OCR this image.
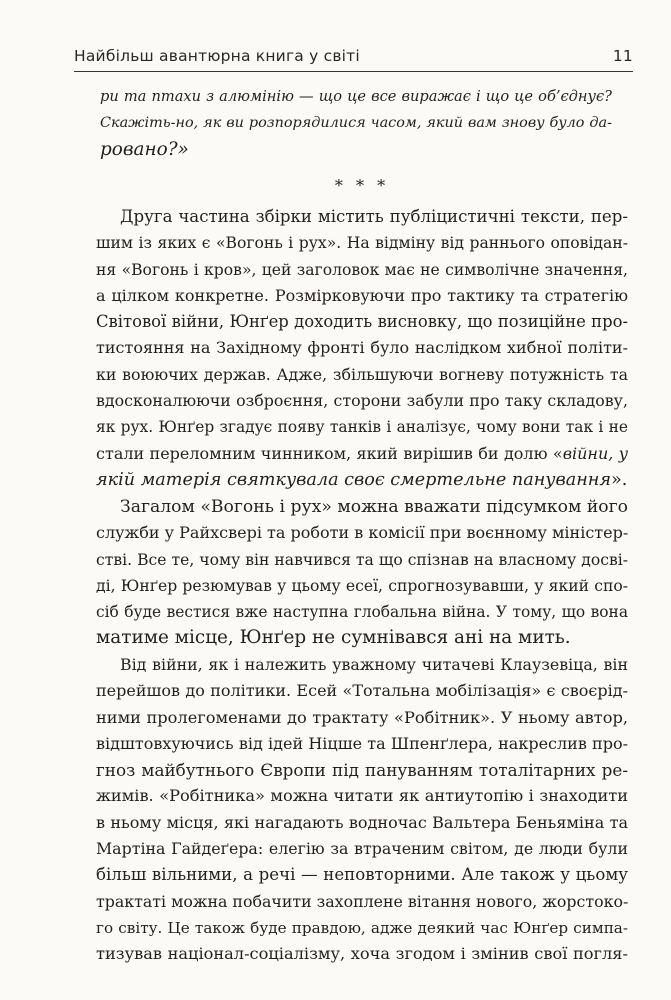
Найбільш авантюрна книга у світі	11
ри та птахи з алюмінію — що це все виражає і що це об’єднує?
Скажіть-но, як ви розпорядилися часом, який вам знову було да-
ровано?»
* * *
Друга частина збірки містить публіцистичні тексти, пер-
шим із яких є «Вогонь і рух». На відміну від раннього оповідан-
ня «Вогонь і кров», цей заголовок має не символічне значення,
а цілком конкретне. Розмірковуючи про тактику та стратегію
Світової війни, Юнґер доходить висновку, що позиційне про-
тистояння на Західному фронті було наслідком хибної політи-
ки воюючих держав. Адже, збільшуючи вогневу потужність та
вдосконалюючи озброєння, сторони забули про таку складову,
як рух. Юнґер згадує появу танків і аналізує, чому вони так і не
стали переломним чинником, який вирішив би долю «війни, у
якій матерія святкувала своє смертельне панування».
Загалом «Вогонь і рух» можна вважати підсумком його
служби у Райхсвері та роботи в комісії при воєнному міністер-
стві. Все те, чому він навчився та що спізнав на власному досві-
ді, Юнґер резюмував у цьому есеї, спрогнозувавши, у який спо-
сіб буде вестися вже наступна глобальна війна. У тому, що вона
матиме місце, Юнґер не сумнівався ані на мить.
Від війни, як і належить уважному читачеві Клаузевіца, він
перейшов до політики. Есей «Тотальна мобілізація» є своєрід-
ними пролегоменами до трактату «Робітник». У ньому автор,
відштовхуючись від ідей Ніцше та Шпенґлера, накреслив про-
гноз майбутнього Європи під пануванням тоталітарних ре-
жимів. «Робітника» можна читати як антиутопію і знаходити
в ньому місця, які нагадають водночас Вальтера Беньяміна та
Мартіна Гайдеґера: елегію за втраченим світом, де люди були
більш вільними, а речі — неповторними. Але також у цьому
трактаті можна побачити захоплене вітання нового, жорстоко-
го світу. Це також буде правдою, адже деякий час Юнґер симпа-
тизував націонал-соціалізму, хоча згодом і змінив свої погля-
